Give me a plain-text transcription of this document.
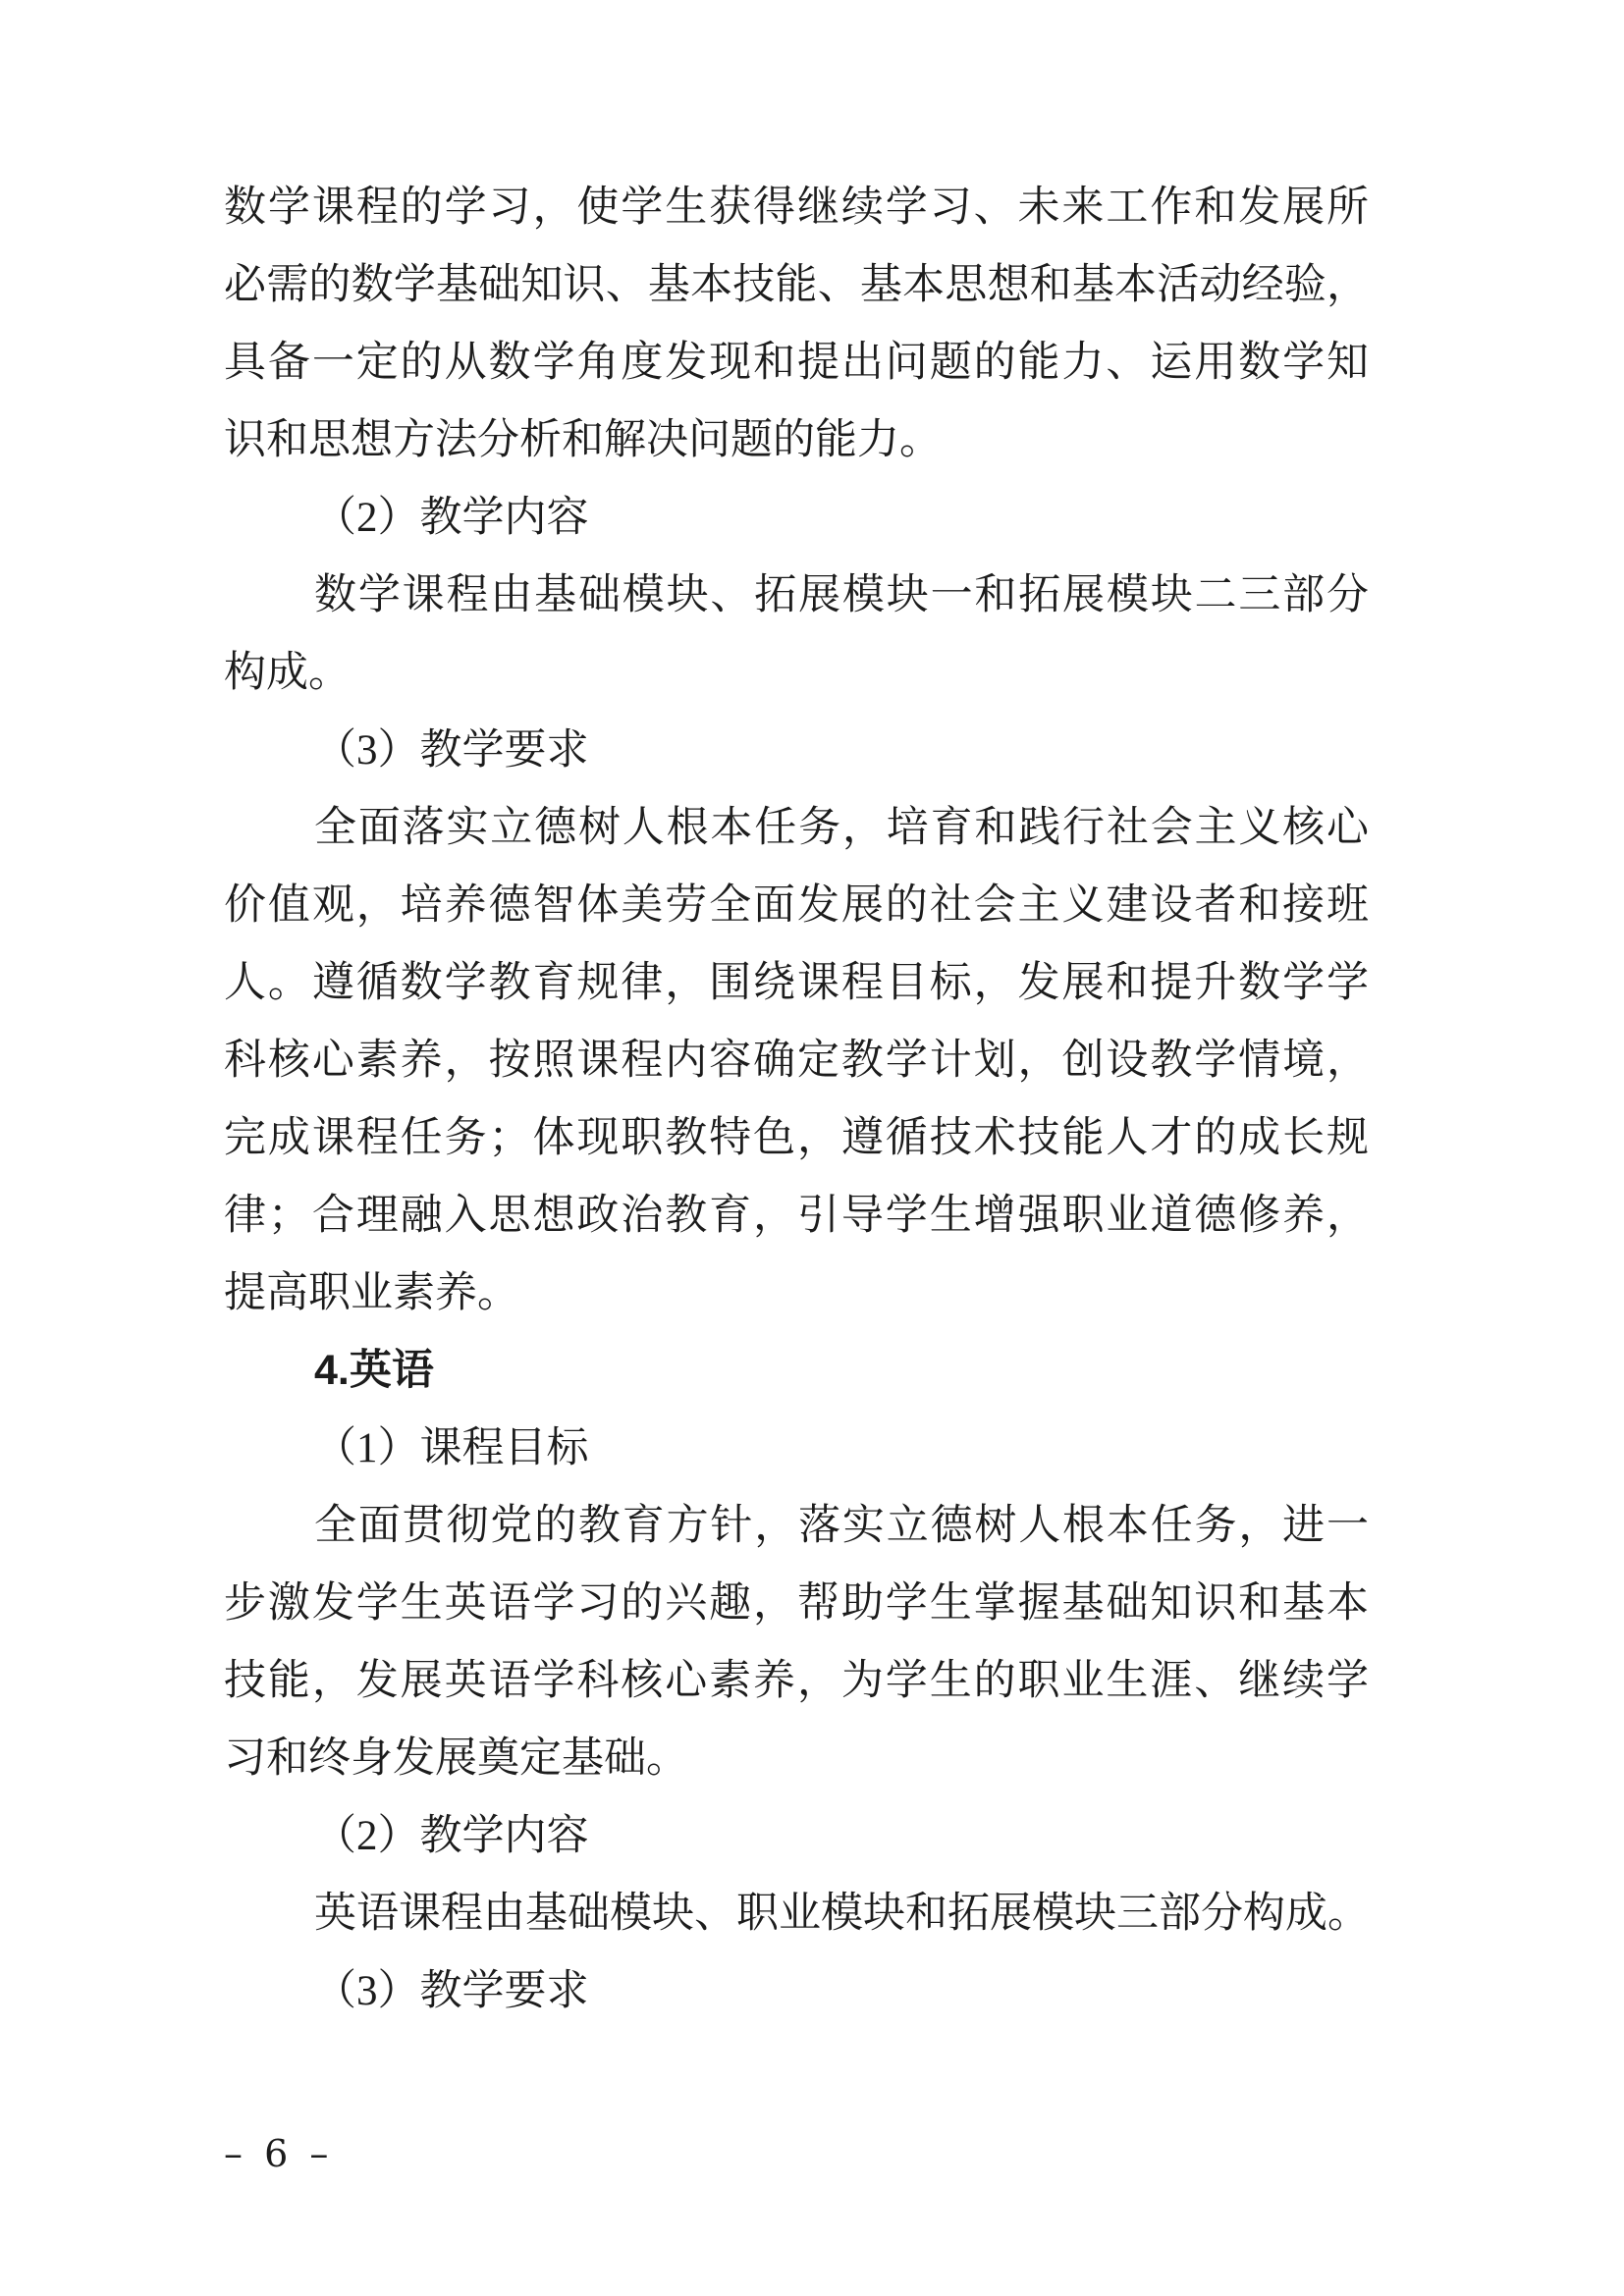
数学课程的学习，使学生获得继续学习、未来工作和发展所
必需的数学基础知识、基本技能、基本思想和基本活动经验，
具备一定的从数学角度发现和提出问题的能力、运用数学知
识和思想方法分析和解决问题的能力。
（2）教学内容
数学课程由基础模块、拓展模块一和拓展模块二三部分
构成。
（3）教学要求
全面落实立德树人根本任务，培育和践行社会主义核心
价值观，培养德智体美劳全面发展的社会主义建设者和接班
人。遵循数学教育规律，围绕课程目标，发展和提升数学学
科核心素养，按照课程内容确定教学计划，创设教学情境，
完成课程任务；体现职教特色，遵循技术技能人才的成长规
律；合理融入思想政治教育，引导学生增强职业道德修养，
提高职业素养。
4.英语
（1）课程目标
全面贯彻党的教育方针，落实立德树人根本任务，进一
步激发学生英语学习的兴趣，帮助学生掌握基础知识和基本
技能，发展英语学科核心素养，为学生的职业生涯、继续学
习和终身发展奠定基础。
（2）教学内容
英语课程由基础模块、职业模块和拓展模块三部分构成。
（3）教学要求
– 6 –
